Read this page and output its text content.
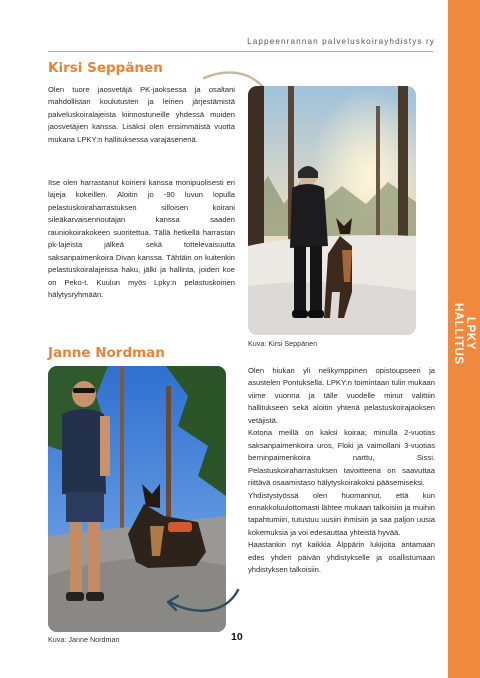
LPKY HALLITUS
Lappeenrannan palveluskoirayhdistys ry
Kirsi Seppänen

Olen tuore jaosvetäjä PK-jaoksessa ja osaltani mahdollistan koulutusten ja leirien järjestämistä palveluskoiralajeista kiinnostuneille yhdessä muiden jaosvetäjien kanssa. Lisäksi olen ensimmäistä vuotta mukana LPKY:n hallituksessa varajäsenenä.

Itse olen harrastanut koirieni kanssa monipuolisesti eri lajeja kokeillen. Aloitin jo -90 luvun lopulla pelastuskoiraharrastuksen silloisen koirani sileäkarvaisennoutajan kanssa saaden rauniokoirakokeen suoritettua. Tällä hetkellä harrastan pk-lajeista jälkeä sekä tottelevaisuutta saksanpaimenkoira Divan kanssa. Tähtäin on kuitenkin pelastuskoiralajeissa haku, jälki ja hallinta, joiden koe on Peko-t. Kuulun myös Lpky:n pelastuskoirien hälytysryhmään.

Kuva: Kirsi Seppänen
Janne Nordman
Kuva: Janne Nordman

Olen hiukan yli nelikymppinen opistoupseeri ja asustelen Pontuksella. LPKY:n toimintaan tulin mukaan viime vuonna ja tälle vuodelle minut valittiin hallitukseen sekä aloitin yhtenä pelastuskoirajaoksen vetäjistä.
Kotona meillä on kaksi koiraa; minulla 2-vuotias saksanpaimenkoira uros, Floki ja vaimollani 3-vuotias berninpaimenkoira narttu, Sissi. Pelastuskoiraharrastuksen tavoitteena on saavuttaa riittävä osaamistaso hälytyskoirakoksi pääsemiseksi.
Yhdistystyössä olen huomannut, että kun ennakkoluulottomasti lähtee mukaan talkoisiin ja muihin tapahtumiin, tutustuu uusiin ihmisiin ja saa paljon uusia kokemuksia ja voi edesauttaa yhteistä hyvää.
Haastankin nyt kaikkia Älppärin lukijoita antamaan edes yhden päivän yhdistykselle ja osallistumaan yhdistyksen talkoisiin.

10
